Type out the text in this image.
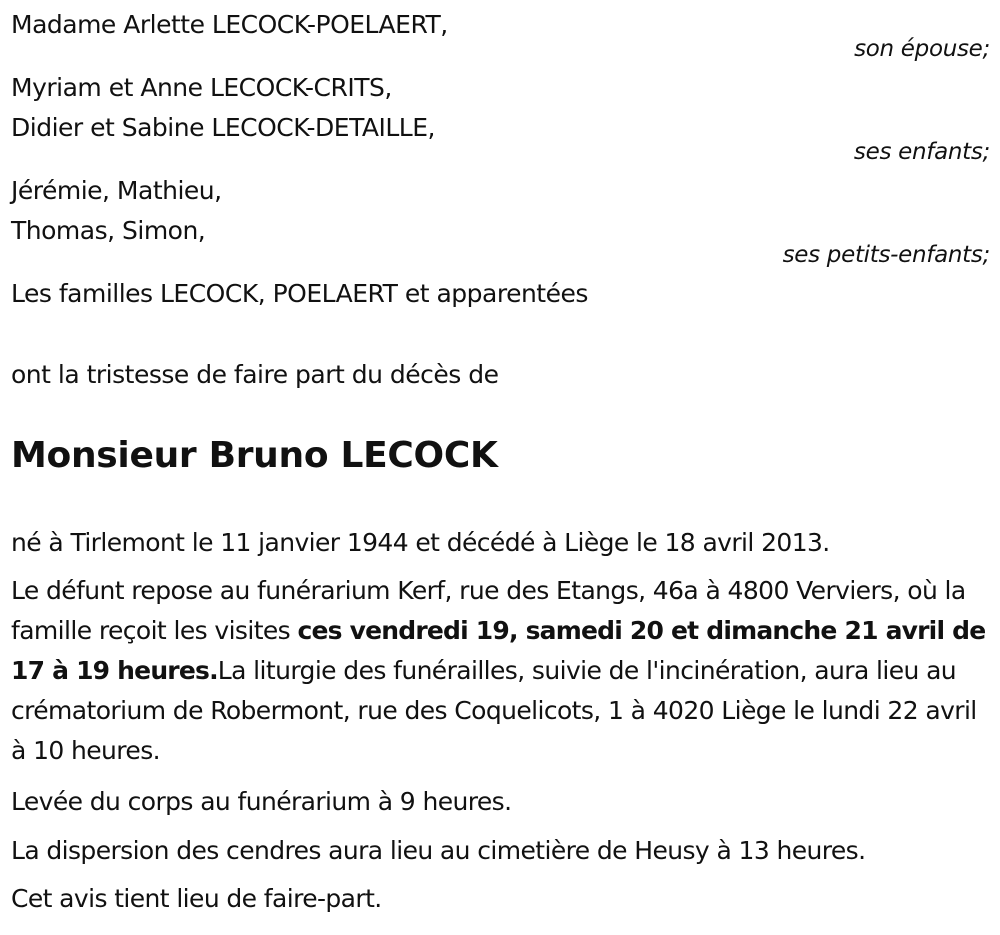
Madame Arlette LECOCK-POELAERT,
son épouse;
Myriam et Anne LECOCK-CRITS,
Didier et Sabine LECOCK-DETAILLE,
ses enfants;
Jérémie, Mathieu,
Thomas, Simon,
ses petits-enfants;
Les familles LECOCK, POELAERT et apparentées
ont la tristesse de faire part du décès de
Monsieur Bruno LECOCK
né à Tirlemont le 11 janvier 1944 et décédé à Liège le 18 avril 2013.
Le défunt repose au funérarium Kerf, rue des Etangs, 46a à 4800 Verviers, où la famille reçoit les visites ces vendredi 19, samedi 20 et dimanche 21 avril de 17 à 19 heures.La liturgie des funérailles, suivie de l'incinération, aura lieu au crématorium de Robermont, rue des Coquelicots, 1 à 4020 Liège le lundi 22 avril à 10 heures.
Levée du corps au funérarium à 9 heures.
La dispersion des cendres aura lieu au cimetière de Heusy à 13 heures.
Cet avis tient lieu de faire-part.
